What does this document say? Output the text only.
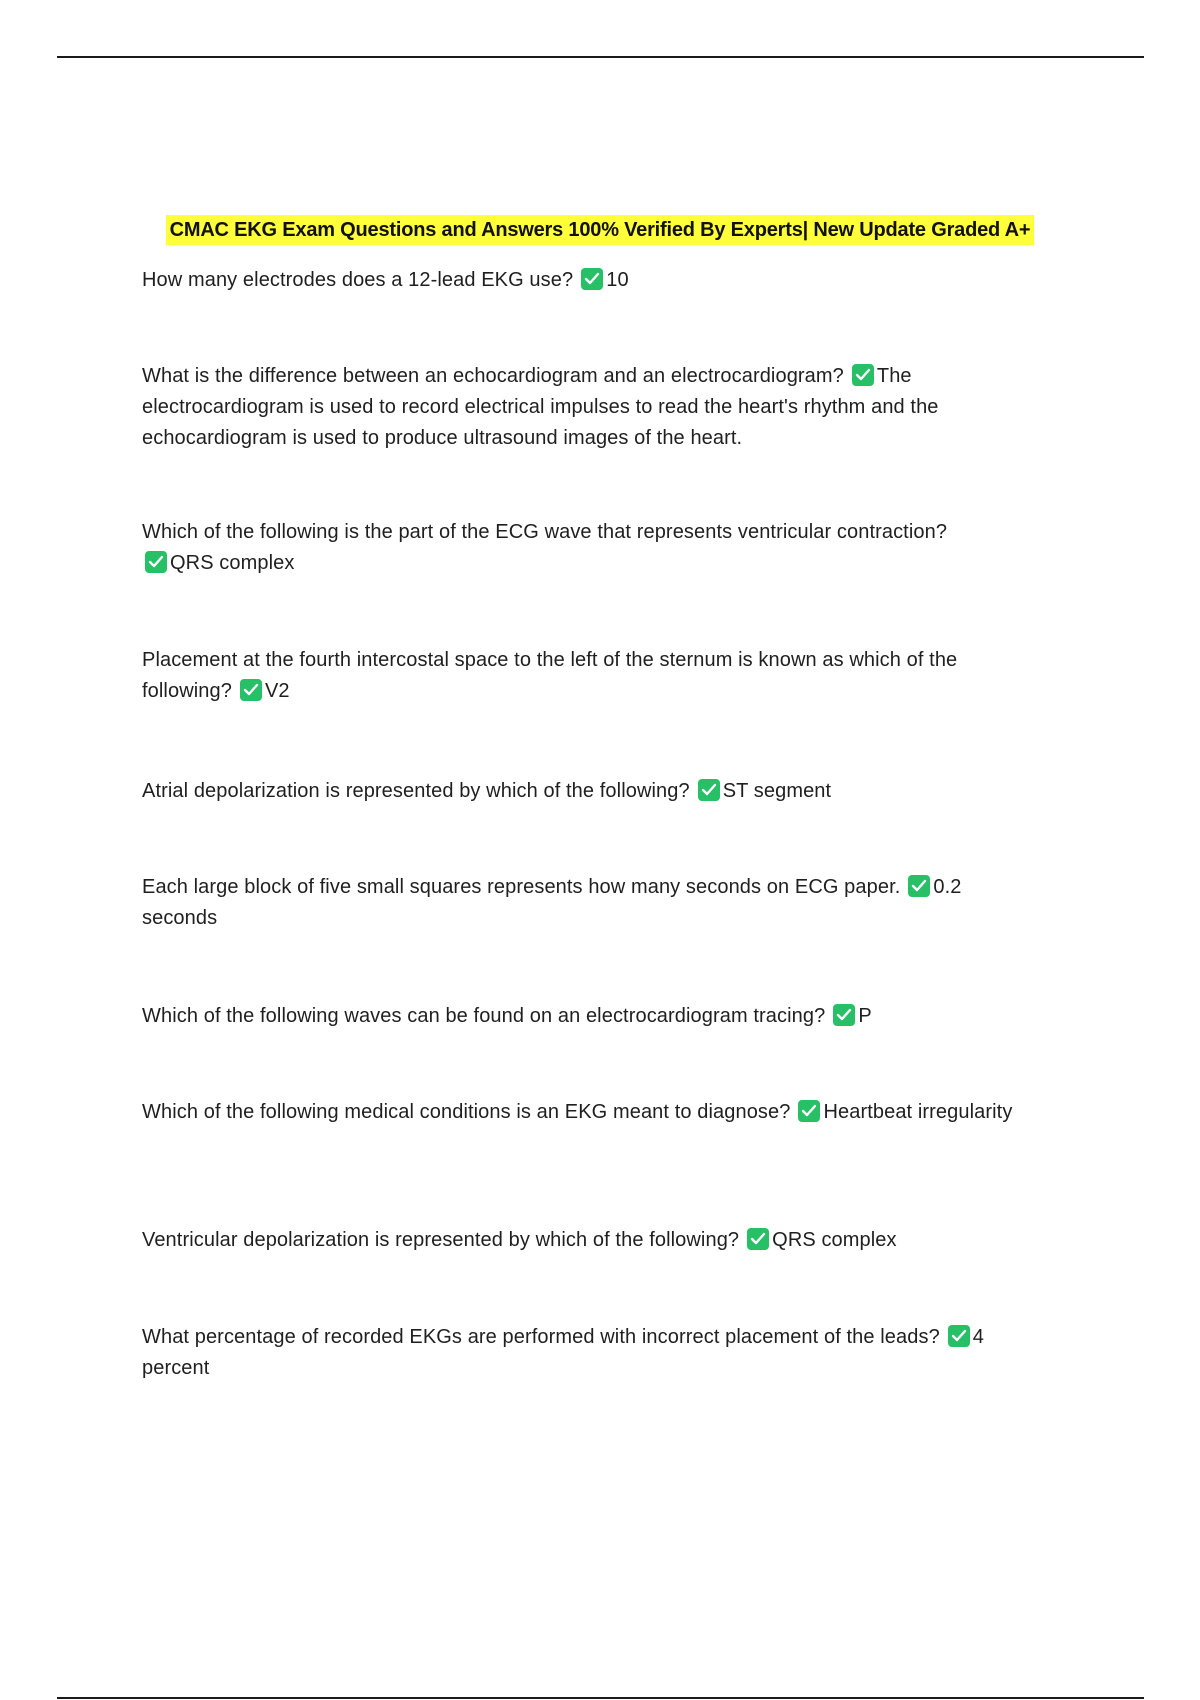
CMAC EKG Exam Questions and Answers 100% Verified By Experts| New Update Graded A+
How many electrodes does a 12-lead EKG use? 10
What is the difference between an echocardiogram and an electrocardiogram? The electrocardiogram is used to record electrical impulses to read the heart's rhythm and the echocardiogram is used to produce ultrasound images of the heart.
Which of the following is the part of the ECG wave that represents ventricular contraction?

QRS complex
Placement at the fourth intercostal space to the left of the sternum is known as which of the following? V2
Atrial depolarization is represented by which of the following? ST segment
Each large block of five small squares represents how many seconds on ECG paper. 0.2 seconds
Which of the following waves can be found on an electrocardiogram tracing? P
Which of the following medical conditions is an EKG meant to diagnose? Heartbeat irregularity
Ventricular depolarization is represented by which of the following? QRS complex
What percentage of recorded EKGs are performed with incorrect placement of the leads? 4 percent
